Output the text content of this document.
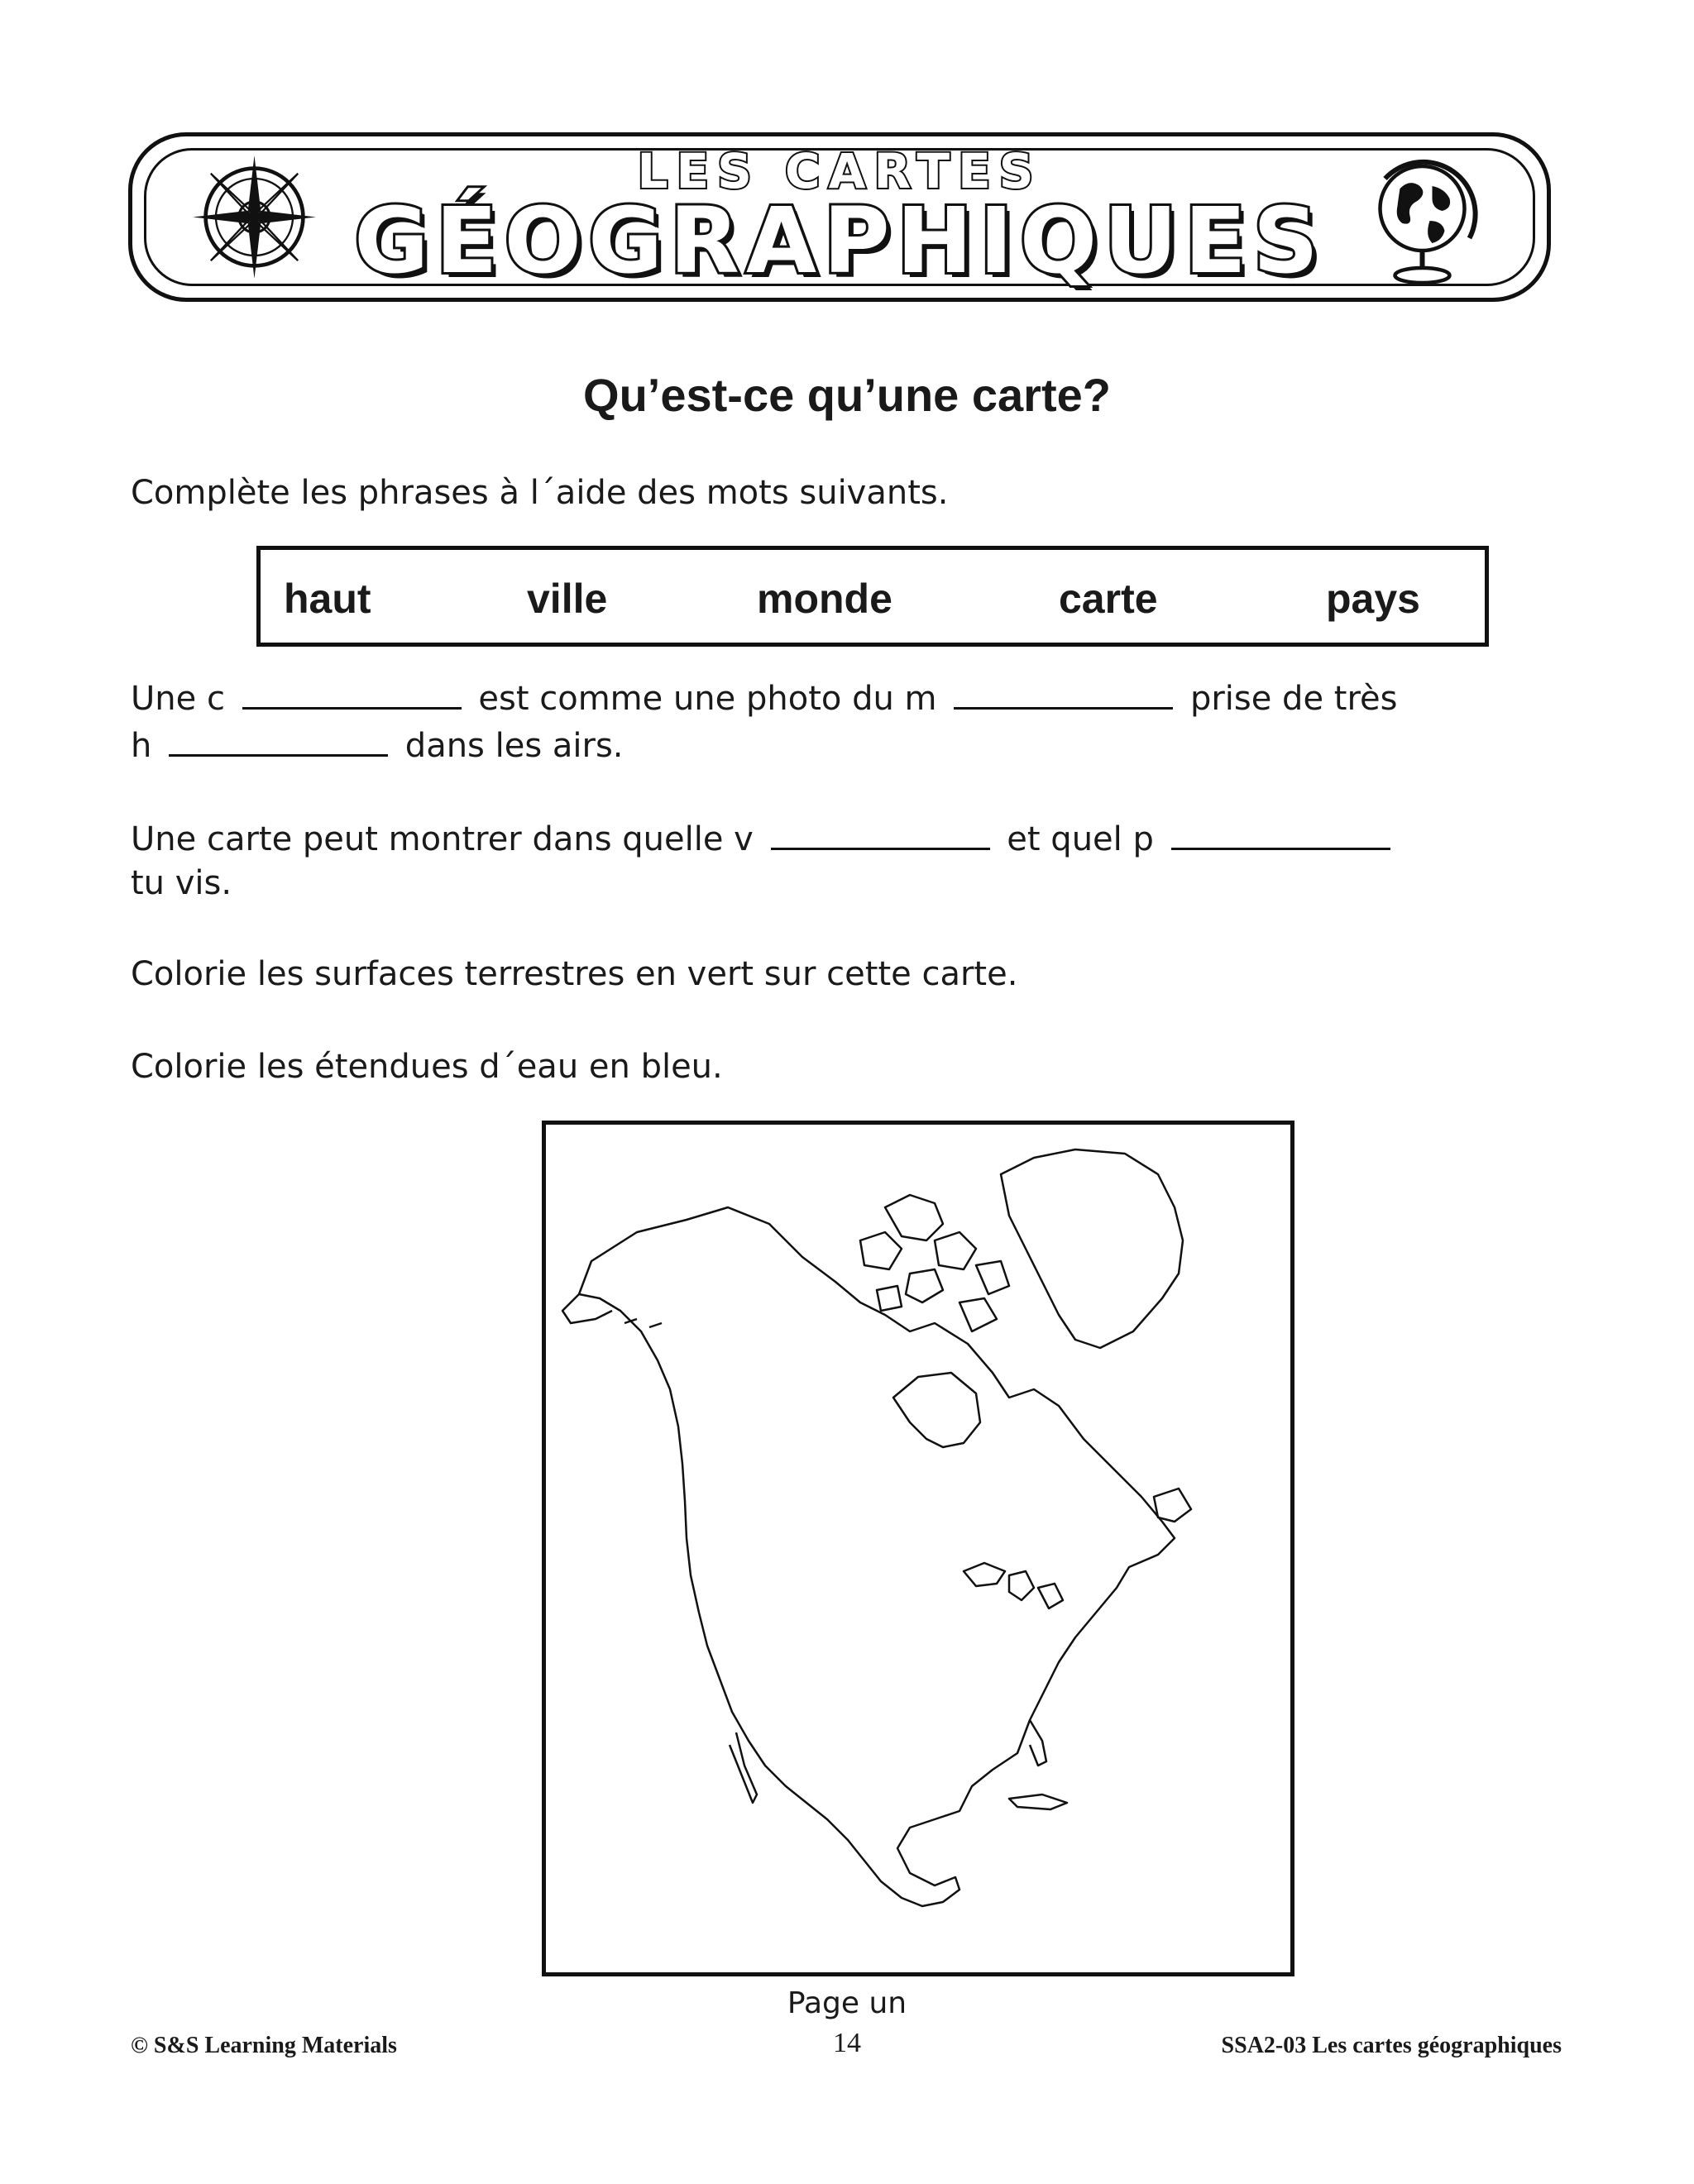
LES CARTES
GÉOGRAPHIQUES
Qu’est-ce qu’une carte?
Complète les phrases à l´aide des mots suivants.
haut	ville	monde	carte	pays
Une c	est comme une photo du m	prise de très
h	dans les airs.
Une carte peut montrer dans quelle v	et quel p
tu vis.
Colorie les surfaces terrestres en vert sur cette carte.
Colorie les étendues d´eau en bleu.
Page un
© S&S Learning Materials	14	SSA2-03 Les cartes géographiques
